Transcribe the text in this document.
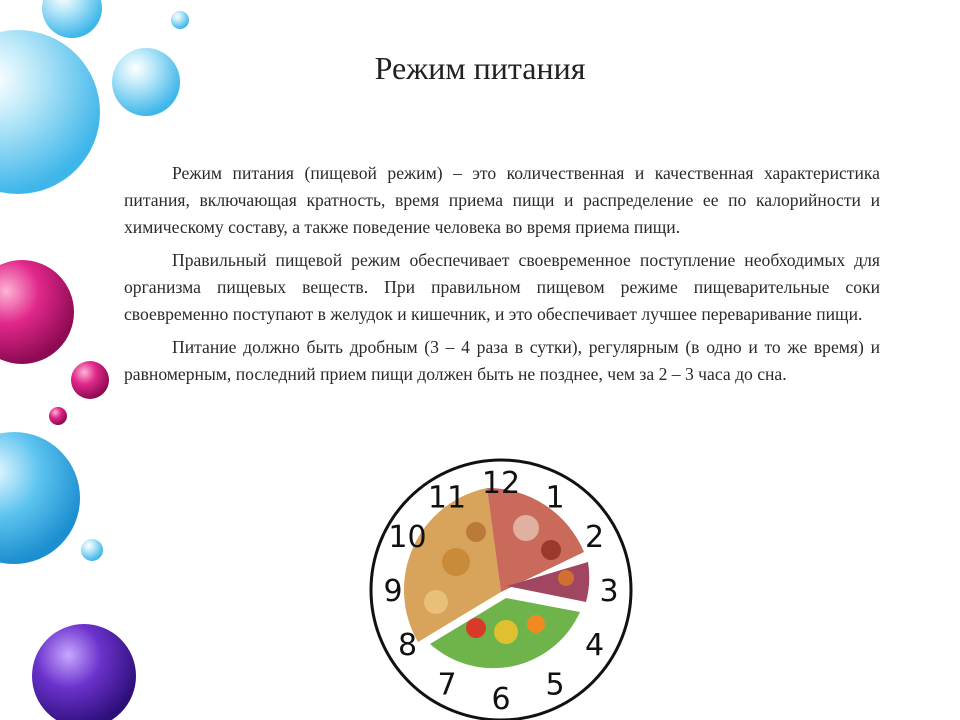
Режим питания

Режим питания (пищевой режим) – это количественная и качественная характеристика питания, включающая кратность, время приема пищи и распределение ее по калорийности и химическому составу, а также поведение человека во время приема пищи.

Правильный пищевой режим обеспечивает своевременное поступление необходимых для организма пищевых веществ. При правильном пищевом режиме пищеварительные соки своевременно поступают в желудок и кишечник, и это обеспечивает лучшее переваривание пищи.

Питание должно быть дробным (3 – 4 раза в сутки), регулярным (в одно и то же время) и равномерным, последний прием пищи должен быть не позднее, чем за 2 – 3 часа до сна.

12 1
2
3
4
5
6
7
8
9
10
11
